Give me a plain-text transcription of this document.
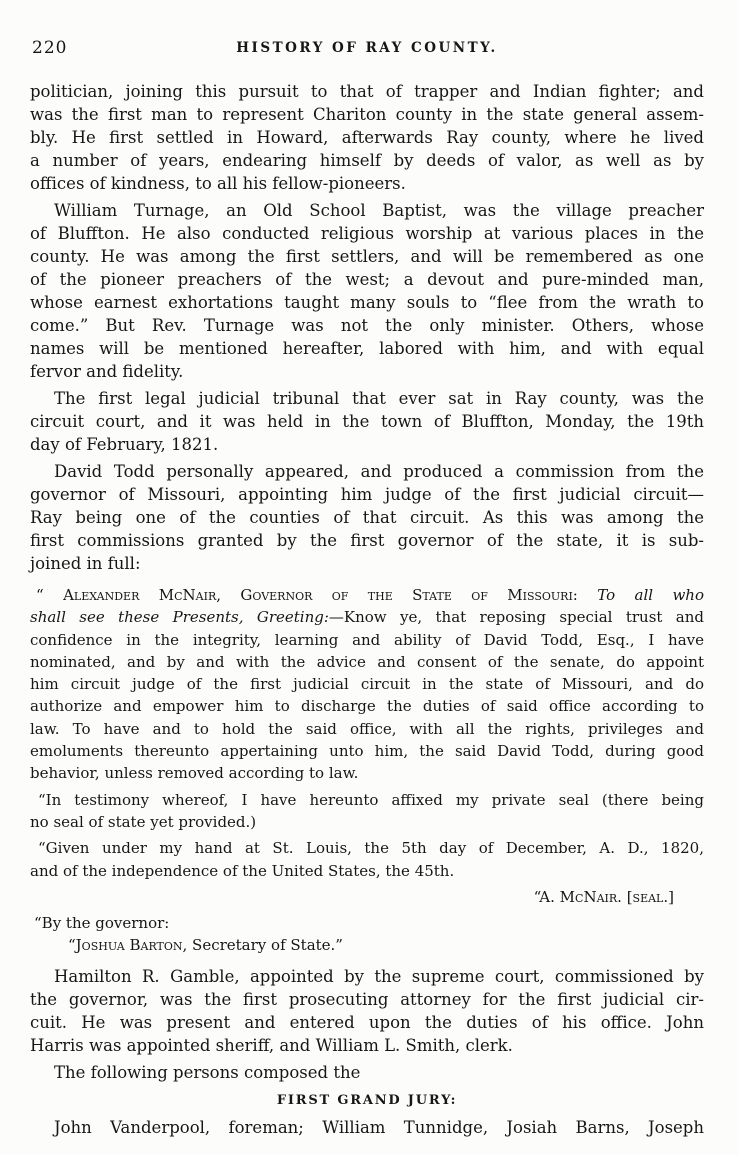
220	HISTORY OF RAY COUNTY.
politician, joining this pursuit to that of trapper and Indian fighter; and
was the first man to represent Chariton county in the state general assem-
bly. He first settled in Howard, afterwards Ray county, where he lived
a number of years, endearing himself by deeds of valor, as well as by
offices of kindness, to all his fellow-pioneers.
William Turnage, an Old School Baptist, was the village preacher
of Bluffton. He also conducted religious worship at various places in the
county. He was among the first settlers, and will be remembered as one
of the pioneer preachers of the west; a devout and pure-minded man,
whose earnest exhortations taught many souls to “flee from the wrath to
come.” But Rev. Turnage was not the only minister. Others, whose
names will be mentioned hereafter, labored with him, and with equal
fervor and fidelity.
The first legal judicial tribunal that ever sat in Ray county, was the
circuit court, and it was held in the town of Bluffton, Monday, the 19th
day of February, 1821.
David Todd personally appeared, and produced a commission from the
governor of Missouri, appointing him judge of the first judicial circuit—
Ray being one of the counties of that circuit. As this was among the
first commissions granted by the first governor of the state, it is sub-
joined in full:
“ Alexander McNair, Governor of the State of Missouri: To all who
shall see these Presents, Greeting:—Know ye, that reposing special trust and
confidence in the integrity, learning and ability of David Todd, Esq., I have
nominated, and by and with the advice and consent of the senate, do appoint
him circuit judge of the first judicial circuit in the state of Missouri, and do
authorize and empower him to discharge the duties of said office according to
law. To have and to hold the said office, with all the rights, privileges and
emoluments thereunto appertaining unto him, the said David Todd, during good
behavior, unless removed according to law.
“In testimony whereof, I have hereunto affixed my private seal (there being
no seal of state yet provided.)
“Given under my hand at St. Louis, the 5th day of December, A. D., 1820,
and of the independence of the United States, the 45th.
“A. McNair. [seal.]
“By the governor:
“Joshua Barton, Secretary of State.”
Hamilton R. Gamble, appointed by the supreme court, commissioned by
the governor, was the first prosecuting attorney for the first judicial cir-
cuit. He was present and entered upon the duties of his office. John
Harris was appointed sheriff, and William L. Smith, clerk.
The following persons composed the
FIRST GRAND JURY:
John Vanderpool, foreman; William Tunnidge, Josiah Barns, Joseph
